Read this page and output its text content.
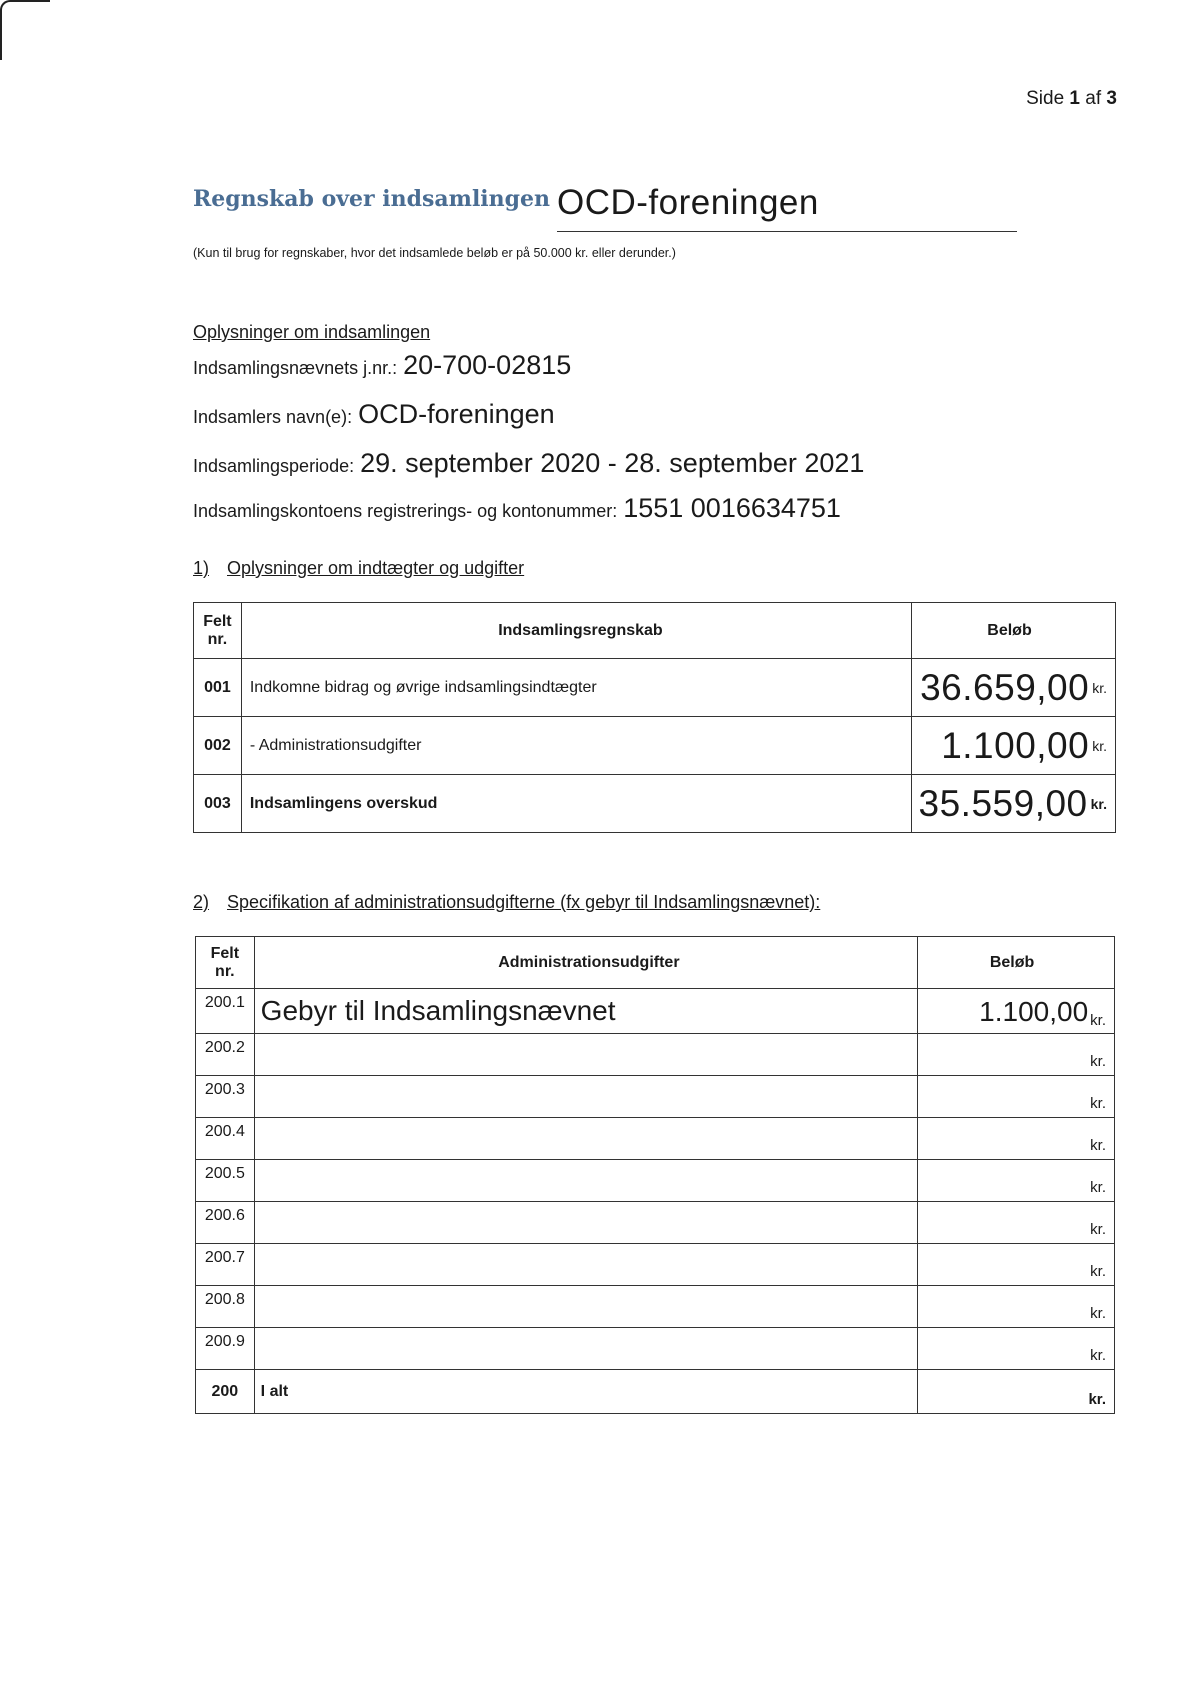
Side 1 af 3
Regnskab over indsamlingen OCD-foreningen
(Kun til brug for regnskaber, hvor det indsamlede beløb er på 50.000 kr. eller derunder.)
Oplysninger om indsamlingen
Indsamlingsnævnets j.nr.: 20-700-02815
Indsamlers navn(e): OCD-foreningen
Indsamlingsperiode: 29. september 2020 - 28. september 2021
Indsamlingskontoens registrerings- og kontonummer: 1551 0016634751
1) Oplysninger om indtægter og udgifter
Felt
nr.	Indsamlingsregnskab	Beløb
001	Indkomne bidrag og øvrige indsamlingsindtægter	36.659,00 kr.
002	- Administrationsudgifter	1.100,00 kr.
003	Indsamlingens overskud	35.559,00 kr.
2) Specifikation af administrationsudgifterne (fx gebyr til Indsamlingsnævnet):
Felt
nr.	Administrationsudgifter	Beløb
200.1	Gebyr til Indsamlingsnævnet	1.100,00 kr.
200.2		kr.
200.3		kr.
200.4		kr.
200.5		kr.
200.6		kr.
200.7		kr.
200.8		kr.
200.9		kr.
200	I alt	kr.
